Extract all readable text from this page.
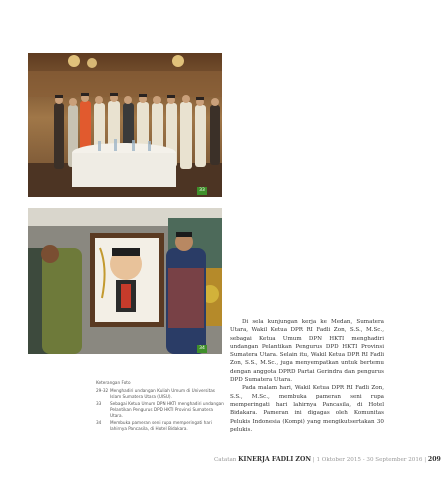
33
34
Keterangan Foto
29-32 Menghadiri undangan Kuliah Umum di Universitas Islam Sumatera Utara (UISU).
33	Sebagai Ketua Umum DPN HKTI menghadiri undangan Pelantikan Pengurus DPD HKTI Provinsi Sumatera Utara.
34	Membuka pameran seni rupa memperingati hari lahirnya Pancasila, di Hotel Bidakara.

Di sela kunjungan kerja ke Medan, Sumatera Utara, Wakil Ketua DPR RI Fadli Zon, S.S., M.Sc., sebagai Ketua Umum DPN HKTI menghadiri undangan Pelantikan Pengurus DPD HKTI Provinsi Sumatera Utara. Selain itu, Wakil Ketua DPR RI Fadli Zon, S.S., M.Sc., juga menyempatkan untuk bertemu dengan anggota DPRD Partai Gerindra dan pengurus DPD Sumatera Utara.

Pada malam hari, Wakil Ketua DPR RI Fadli Zon, S.S., M.Sc., membuka pameran seni rupa memperingati hari lahirnya Pancasila, di Hotel Bidakara. Pameran ini digagas oleh Komunitas Pelukis Indonesia (Kompi) yang mengikutsertakan 30 pelukis.

Catatan KINERJA FADLI ZON | 1 Oktober 2015 - 30 September 2016 | 209
